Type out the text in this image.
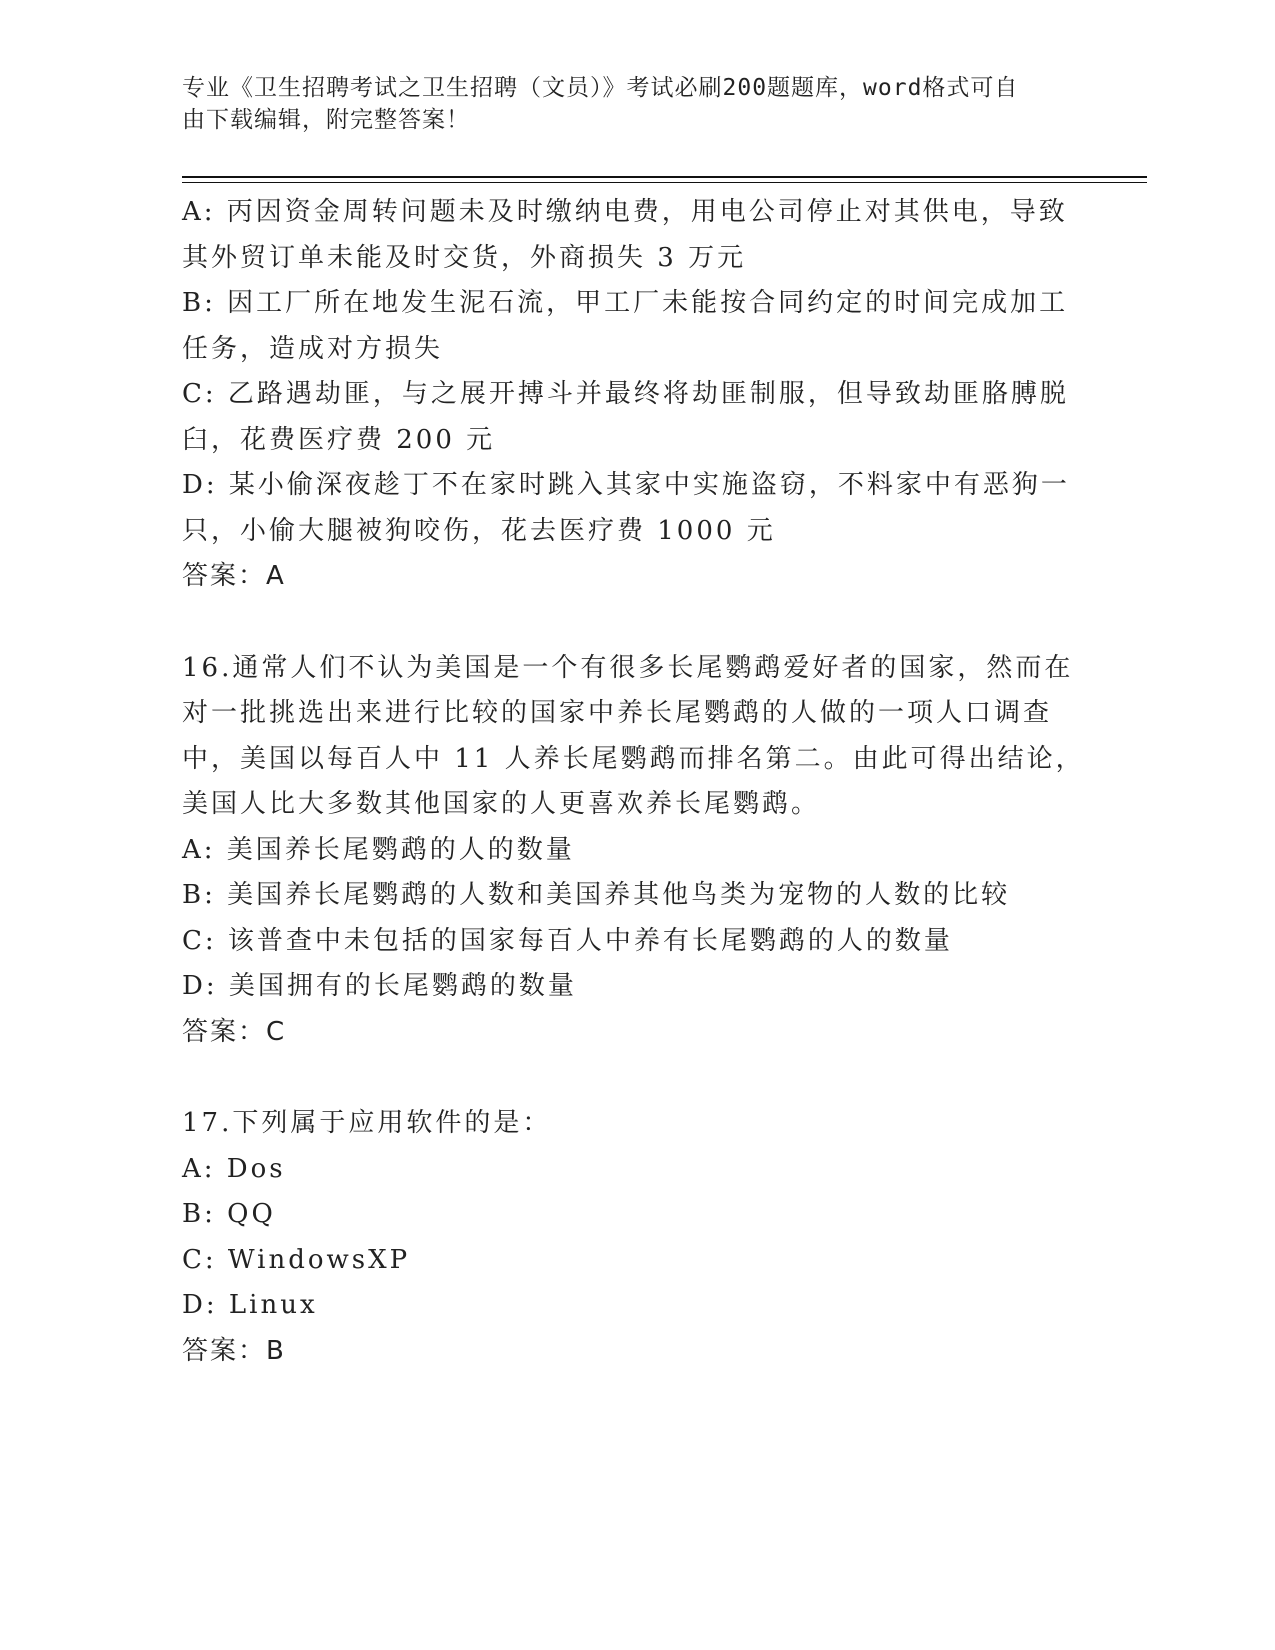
专业《卫生招聘考试之卫生招聘（文员）》考试必刷200题题库，word格式可自
由下载编辑，附完整答案！
A: 丙因资金周转问题未及时缴纳电费，用电公司停止对其供电，导致
其外贸订单未能及时交货，外商损失 3 万元
B: 因工厂所在地发生泥石流，甲工厂未能按合同约定的时间完成加工
任务，造成对方损失
C: 乙路遇劫匪，与之展开搏斗并最终将劫匪制服，但导致劫匪胳膊脱
臼，花费医疗费 200 元
D: 某小偷深夜趁丁不在家时跳入其家中实施盗窃，不料家中有恶狗一
只，小偷大腿被狗咬伤，花去医疗费 1000 元
答案：A
16.通常人们不认为美国是一个有很多长尾鹦鹉爱好者的国家，然而在
对一批挑选出来进行比较的国家中养长尾鹦鹉的人做的一项人口调查
中，美国以每百人中 11 人养长尾鹦鹉而排名第二。由此可得出结论，
美国人比大多数其他国家的人更喜欢养长尾鹦鹉。
A: 美国养长尾鹦鹉的人的数量
B: 美国养长尾鹦鹉的人数和美国养其他鸟类为宠物的人数的比较
C: 该普查中未包括的国家每百人中养有长尾鹦鹉的人的数量
D: 美国拥有的长尾鹦鹉的数量
答案：C
17.下列属于应用软件的是：
A: Dos
B: QQ
C: WindowsXP
D: Linux
答案：B
